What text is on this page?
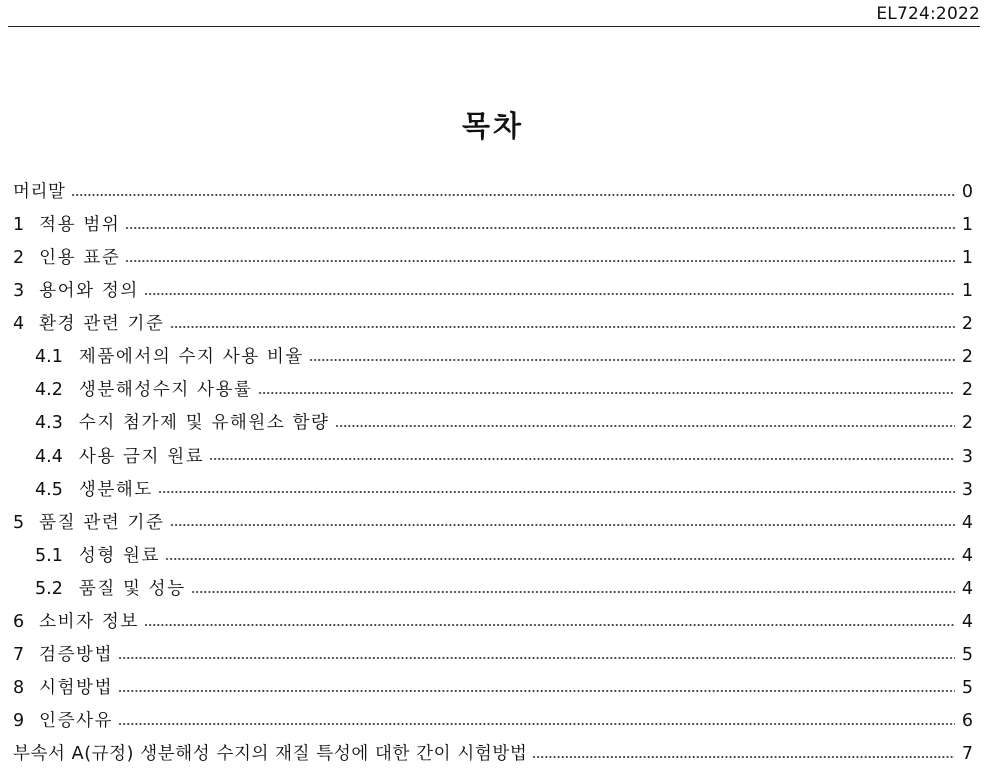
EL724:2022
목차
머리말	0
1 적용 범위	1
2 인용 표준	1
3 용어와 정의	1
4 환경 관련 기준	2
4.1 제품에서의 수지 사용 비율	2
4.2 생분해성수지 사용률	2
4.3 수지 첨가제 및 유해원소 함량	2
4.4 사용 금지 원료	3
4.5 생분해도	3
5 품질 관련 기준	4
5.1 성형 원료	4
5.2 품질 및 성능	4
6 소비자 정보	4
7 검증방법	5
8 시험방법	5
9 인증사유	6
부속서 A(규정) 생분해성 수지의 재질 특성에 대한 간이 시험방법	7
